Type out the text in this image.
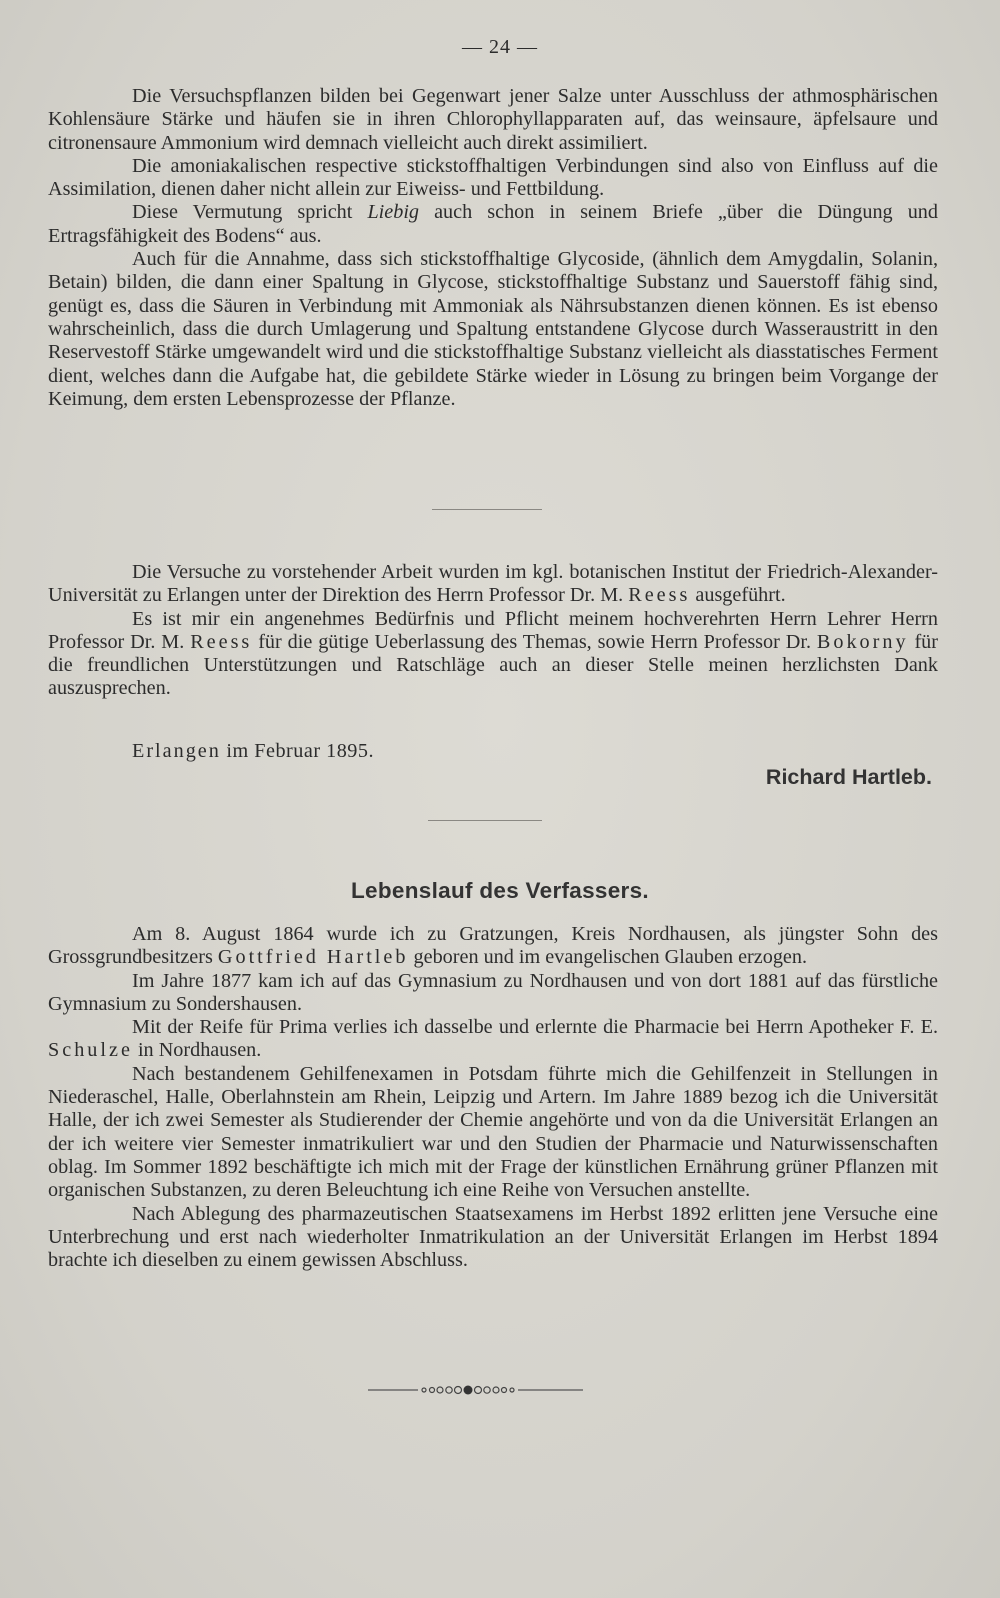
— 24 —

Die Versuchspflanzen bilden bei Gegenwart jener Salze unter Ausschluss der athmosphärischen Kohlensäure Stärke und häufen sie in ihren Chlorophyllapparaten auf, das weinsaure, äpfelsaure und citronensaure Ammonium wird demnach vielleicht auch direkt assimiliert.

Die amoniakalischen respective stickstoffhaltigen Verbindungen sind also von Einfluss auf die Assimilation, dienen daher nicht allein zur Eiweiss- und Fettbildung.

Diese Vermutung spricht Liebig auch schon in seinem Briefe „über die Düngung und Ertragsfähigkeit des Bodens“ aus.

Auch für die Annahme, dass sich stickstoffhaltige Glycoside, (ähnlich dem Amygdalin, Solanin, Betain) bilden, die dann einer Spaltung in Glycose, stickstoffhaltige Substanz und Sauerstoff fähig sind, genügt es, dass die Säuren in Verbindung mit Ammoniak als Nährsubstanzen dienen können. Es ist ebenso wahrscheinlich, dass die durch Umlagerung und Spaltung entstandene Glycose durch Wasseraustritt in den Reservestoff Stärke umgewandelt wird und die stickstoffhaltige Substanz vielleicht als diasstatisches Ferment dient, welches dann die Aufgabe hat, die gebildete Stärke wieder in Lösung zu bringen beim Vorgange der Keimung, dem ersten Lebensprozesse der Pflanze.

Die Versuche zu vorstehender Arbeit wurden im kgl. botanischen Institut der Friedrich-Alexander-Universität zu Erlangen unter der Direktion des Herrn Professor Dr. M. Reess ausgeführt.

Es ist mir ein angenehmes Bedürfnis und Pflicht meinem hochverehrten Herrn Lehrer Herrn Professor Dr. M. Reess für die gütige Ueberlassung des Themas, sowie Herrn Professor Dr. Bokorny für die freundlichen Unterstützungen und Ratschläge auch an dieser Stelle meinen herzlichsten Dank auszusprechen.

Erlangen im Februar 1895.
Richard Hartleb.
Lebenslauf des Verfassers.

Am 8. August 1864 wurde ich zu Gratzungen, Kreis Nordhausen, als jüngster Sohn des Grossgrundbesitzers Gottfried Hartleb geboren und im evangelischen Glauben erzogen.

Im Jahre 1877 kam ich auf das Gymnasium zu Nordhausen und von dort 1881 auf das fürstliche Gymnasium zu Sondershausen.

Mit der Reife für Prima verlies ich dasselbe und erlernte die Pharmacie bei Herrn Apotheker F. E. Schulze in Nordhausen.

Nach bestandenem Gehilfenexamen in Potsdam führte mich die Gehilfenzeit in Stellungen in Niederaschel, Halle, Oberlahnstein am Rhein, Leipzig und Artern. Im Jahre 1889 bezog ich die Universität Halle, der ich zwei Semester als Studierender der Chemie angehörte und von da die Universität Erlangen an der ich weitere vier Semester inmatrikuliert war und den Studien der Pharmacie und Naturwissenschaften oblag. Im Sommer 1892 beschäftigte ich mich mit der Frage der künstlichen Ernährung grüner Pflanzen mit organischen Substanzen, zu deren Beleuchtung ich eine Reihe von Versuchen anstellte.

Nach Ablegung des pharmazeutischen Staatsexamens im Herbst 1892 erlitten jene Versuche eine Unterbrechung und erst nach wiederholter Inmatrikulation an der Universität Erlangen im Herbst 1894 brachte ich dieselben zu einem gewissen Abschluss.
